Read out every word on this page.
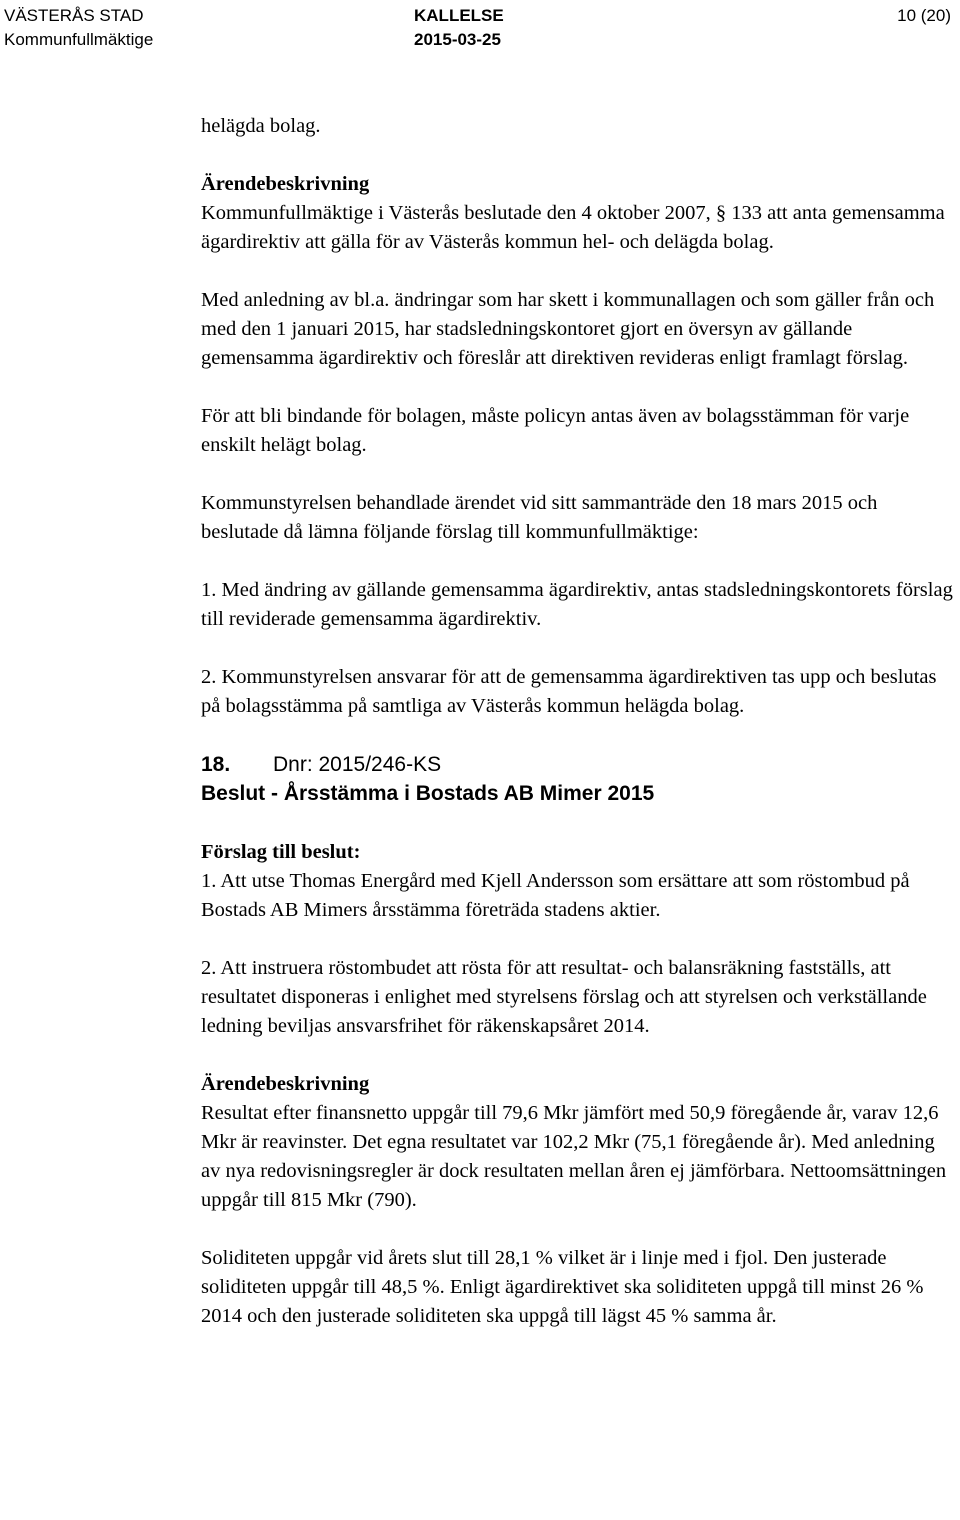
VÄSTERÅS STAD
Kommunfullmäktige
KALLELSE
2015-03-25
10 (20)

helägda bolag.

Ärendebeskrivning

Kommunfullmäktige i Västerås beslutade den 4 oktober 2007, § 133 att anta gemensamma ägardirektiv att gälla för av Västerås kommun hel- och delägda bolag.

Med anledning av bl.a. ändringar som har skett i kommunallagen och som gäller från och med den 1 januari 2015, har stadsledningskontoret gjort en översyn av gällande gemensamma ägardirektiv och föreslår att direktiven revideras enligt framlagt förslag.

För att bli bindande för bolagen, måste policyn antas även av bolagsstämman för varje enskilt helägt bolag.

Kommunstyrelsen behandlade ärendet vid sitt sammanträde den 18 mars 2015 och beslutade då lämna följande förslag till kommunfullmäktige:

1. Med ändring av gällande gemensamma ägardirektiv, antas stadsledningskontorets förslag till reviderade gemensamma ägardirektiv.

2. Kommunstyrelsen ansvarar för att de gemensamma ägardirektiven tas upp och beslutas på bolagsstämma på samtliga av Västerås kommun helägda bolag.

18. Dnr: 2015/246-KS

Beslut - Årsstämma i Bostads AB Mimer 2015

Förslag till beslut:

1. Att utse Thomas Energård med Kjell Andersson som ersättare att som röstombud på Bostads AB Mimers årsstämma företräda stadens aktier.

2. Att instruera röstombudet att rösta för att resultat- och balansräkning fastställs, att resultatet disponeras i enlighet med styrelsens förslag och att styrelsen och verkställande ledning beviljas ansvarsfrihet för räkenskapsåret 2014.

Ärendebeskrivning

Resultat efter finansnetto uppgår till 79,6 Mkr jämfört med 50,9 föregående år, varav 12,6 Mkr är reavinster. Det egna resultatet var 102,2 Mkr (75,1 föregående år). Med anledning av nya redovisningsregler är dock resultaten mellan åren ej jämförbara. Nettoomsättningen uppgår till 815 Mkr (790).

Soliditeten uppgår vid årets slut till 28,1 % vilket är i linje med i fjol. Den justerade soliditeten uppgår till 48,5 %. Enligt ägardirektivet ska soliditeten uppgå till minst 26 % 2014 och den justerade soliditeten ska uppgå till lägst 45 % samma år.
